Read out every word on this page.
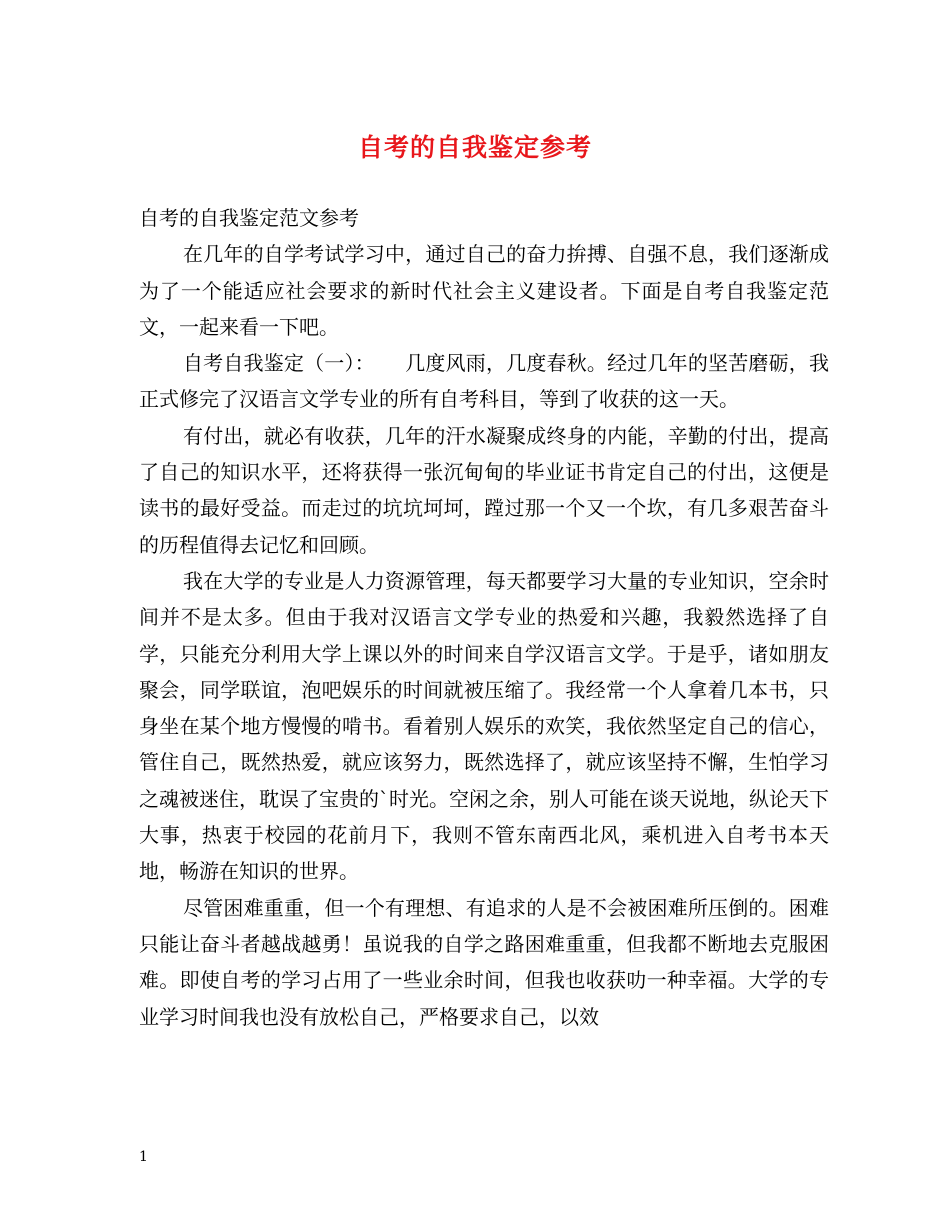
自考的自我鉴定参考

自考的自我鉴定范文参考

在几年的自学考试学习中，通过自己的奋力拚搏、自强不息，我们逐渐成为了一个能适应社会要求的新时代社会主义建设者。下面是自考自我鉴定范文，一起来看一下吧。

自考自我鉴定（一）：　　几度风雨，几度春秋。经过几年的坚苦磨砺，我正式修完了汉语言文学专业的所有自考科目，等到了收获的这一天。

有付出，就必有收获，几年的汗水凝聚成终身的内能，辛勤的付出，提高了自己的知识水平，还将获得一张沉甸甸的毕业证书肯定自己的付出，这便是读书的最好受益。而走过的坑坑坷坷，蹚过那一个又一个坎，有几多艰苦奋斗的历程值得去记忆和回顾。

我在大学的专业是人力资源管理，每天都要学习大量的专业知识，空余时间并不是太多。但由于我对汉语言文学专业的热爱和兴趣，我毅然选择了自学，只能充分利用大学上课以外的时间来自学汉语言文学。于是乎，诸如朋友聚会，同学联谊，泡吧娱乐的时间就被压缩了。我经常一个人拿着几本书，只身坐在某个地方慢慢的啃书。看着别人娱乐的欢笑，我依然坚定自己的信心，管住自己，既然热爱，就应该努力，既然选择了，就应该坚持不懈，生怕学习之魂被迷住，耽误了宝贵的`时光。空闲之余，别人可能在谈天说地，纵论天下大事，热衷于校园的花前月下，我则不管东南西北风，乘机进入自考书本天地，畅游在知识的世界。

尽管困难重重，但一个有理想、有追求的人是不会被困难所压倒的。困难只能让奋斗者越战越勇！虽说我的自学之路困难重重，但我都不断地去克服困难。即使自考的学习占用了一些业余时间，但我也收获叻一种幸福。大学的专业学习时间我也没有放松自己，严格要求自己，以效

1
